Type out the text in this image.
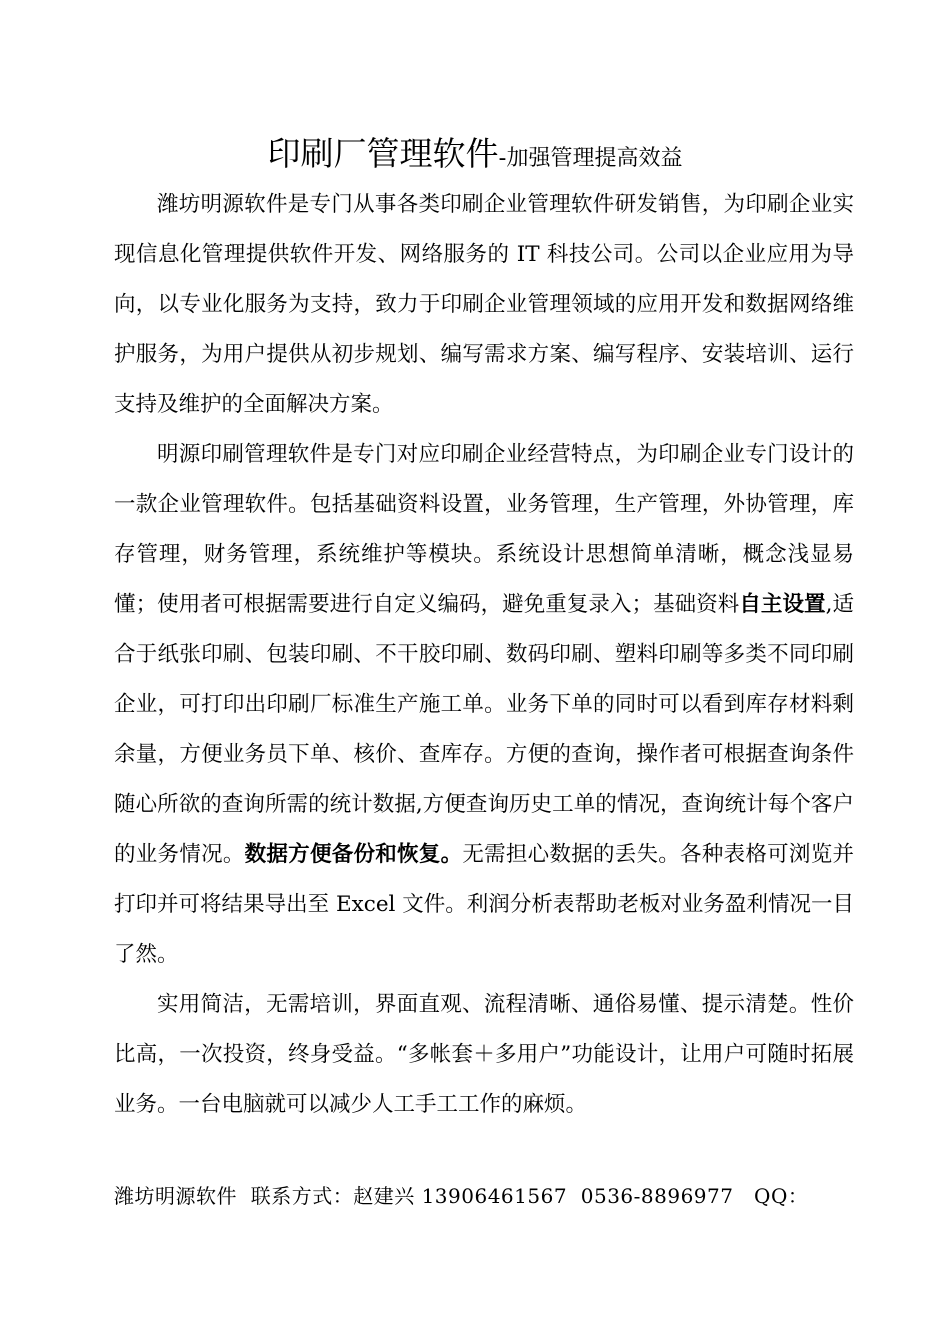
印刷厂管理软件-加强管理提高效益

潍坊明源软件是专门从事各类印刷企业管理软件研发销售，为印刷企业实现信息化管理提供软件开发、网络服务的 IT 科技公司。公司以企业应用为导向，以专业化服务为支持，致力于印刷企业管理领域的应用开发和数据网络维护服务，为用户提供从初步规划、编写需求方案、编写程序、安装培训、运行支持及维护的全面解决方案。

明源印刷管理软件是专门对应印刷企业经营特点，为印刷企业专门设计的一款企业管理软件。包括基础资料设置，业务管理，生产管理，外协管理，库存管理，财务管理，系统维护等模块。系统设计思想简单清晰，概念浅显易懂；使用者可根据需要进行自定义编码，避免重复录入；基础资料自主设置,适合于纸张印刷、包装印刷、不干胶印刷、数码印刷、塑料印刷等多类不同印刷企业，可打印出印刷厂标准生产施工单。业务下单的同时可以看到库存材料剩余量，方便业务员下单、核价、查库存。方便的查询，操作者可根据查询条件随心所欲的查询所需的统计数据,方便查询历史工单的情况，查询统计每个客户的业务情况。数据方便备份和恢复。无需担心数据的丢失。各种表格可浏览并打印并可将结果导出至 Excel 文件。利润分析表帮助老板对业务盈利情况一目了然。

实用简洁，无需培训，界面直观、流程清晰、通俗易懂、提示清楚。性价比高，一次投资，终身受益。“多帐套＋多用户”功能设计，让用户可随时拓展业务。一台电脑就可以减少人工手工工作的麻烦。

潍坊明源软件  联系方式：赵建兴 13906461567  0536-8896977   QQ：
